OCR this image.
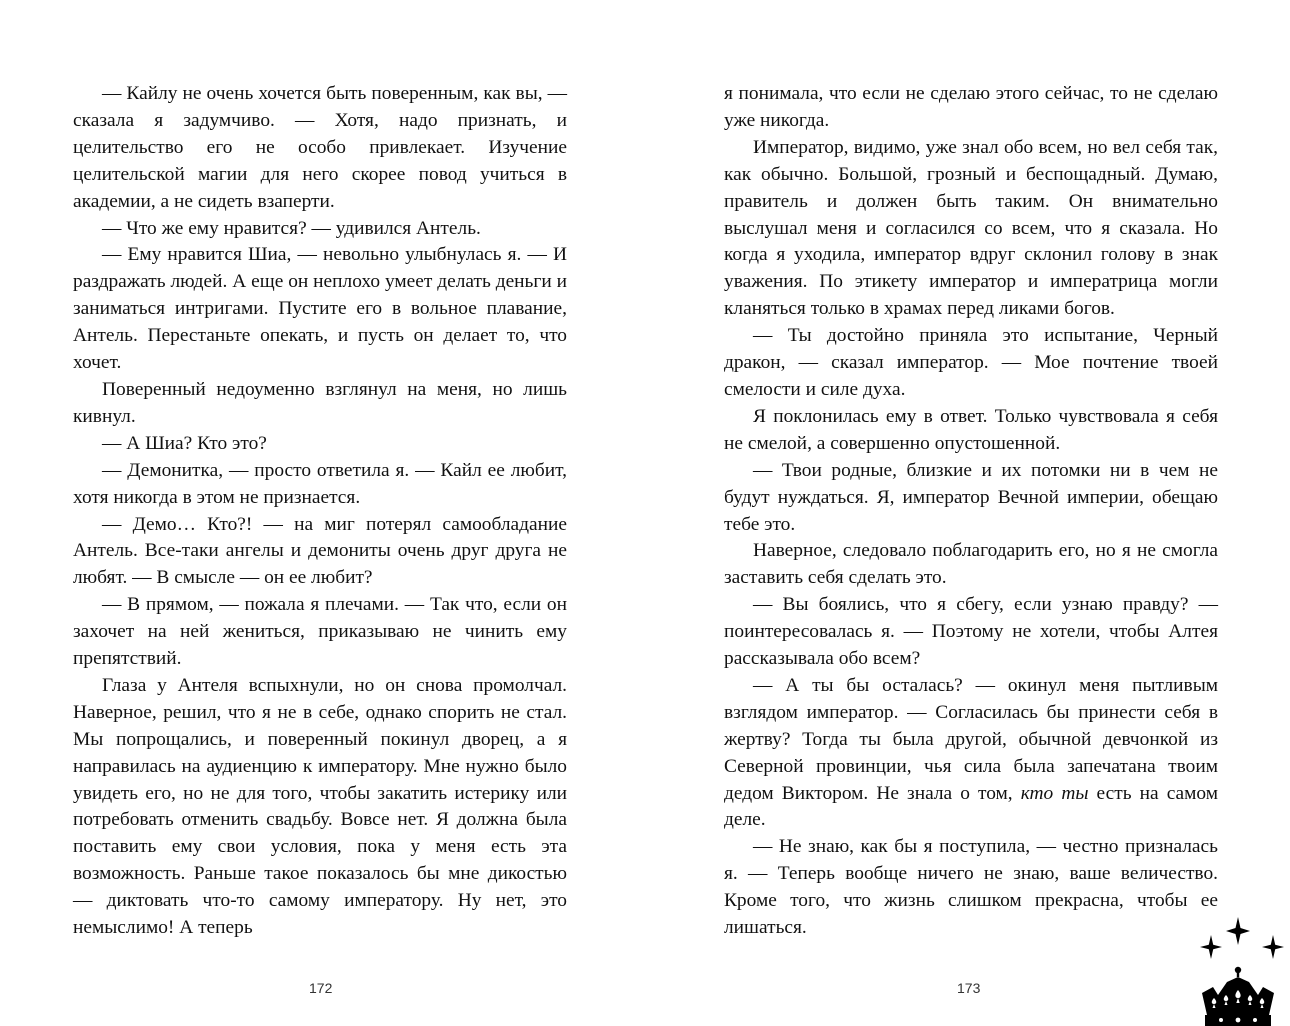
— Кайлу не очень хочется быть поверенным, как вы, — сказала я задумчиво. — Хотя, надо признать, и целительство его не особо привлекает. Изучение целительской магии для него скорее повод учиться в академии, а не сидеть взаперти.

— Что же ему нравится? — удивился Антель.

— Ему нравится Шиа, — невольно улыбнулась я. — И раздражать людей. А еще он неплохо умеет делать деньги и заниматься интригами. Пустите его в вольное плавание, Антель. Перестаньте опекать, и пусть он делает то, что хочет.

Поверенный недоуменно взглянул на меня, но лишь кивнул.

— А Шиа? Кто это?

— Демонитка, — просто ответила я. — Кайл ее любит, хотя никогда в этом не признается.

— Демо… Кто?! — на миг потерял самообладание Антель. Все-таки ангелы и демониты очень друг друга не любят. — В смысле — он ее любит?

— В прямом, — пожала я плечами. — Так что, если он захочет на ней жениться, приказываю не чинить ему препятствий.

Глаза у Антеля вспыхнули, но он снова промолчал. Наверное, решил, что я не в себе, однако спорить не стал. Мы попрощались, и поверенный покинул дворец, а я направилась на аудиенцию к императору. Мне нужно было увидеть его, но не для того, чтобы закатить истерику или потребовать отменить свадьбу. Вовсе нет. Я должна была поставить ему свои условия, пока у меня есть эта возможность. Раньше такое показалось бы мне дикостью — диктовать что-то самому императору. Ну нет, это немыслимо! А теперь

172

я понимала, что если не сделаю этого сейчас, то не сделаю уже никогда.

Император, видимо, уже знал обо всем, но вел себя так, как обычно. Большой, грозный и беспощадный. Думаю, правитель и должен быть таким. Он внимательно выслушал меня и согласился со всем, что я сказала. Но когда я уходила, император вдруг склонил голову в знак уважения. По этикету император и императрица могли кланяться только в храмах перед ликами богов.

— Ты достойно приняла это испытание, Черный дракон, — сказал император. — Мое почтение твоей смелости и силе духа.

Я поклонилась ему в ответ. Только чувствовала я себя не смелой, а совершенно опустошенной.

— Твои родные, близкие и их потомки ни в чем не будут нуждаться. Я, император Вечной империи, обещаю тебе это.

Наверное, следовало поблагодарить его, но я не смогла заставить себя сделать это.

— Вы боялись, что я сбегу, если узнаю правду? — поинтересовалась я. — Поэтому не хотели, чтобы Алтея рассказывала обо всем?

— А ты бы осталась? — окинул меня пытливым взглядом император. — Согласилась бы принести себя в жертву? Тогда ты была другой, обычной девчонкой из Северной провинции, чья сила была запечатана твоим дедом Виктором. Не знала о том, кто ты есть на самом деле.

— Не знаю, как бы я поступила, — честно призналась я. — Теперь вообще ничего не знаю, ваше величество. Кроме того, что жизнь слишком прекрасна, чтобы ее лишаться.

173
